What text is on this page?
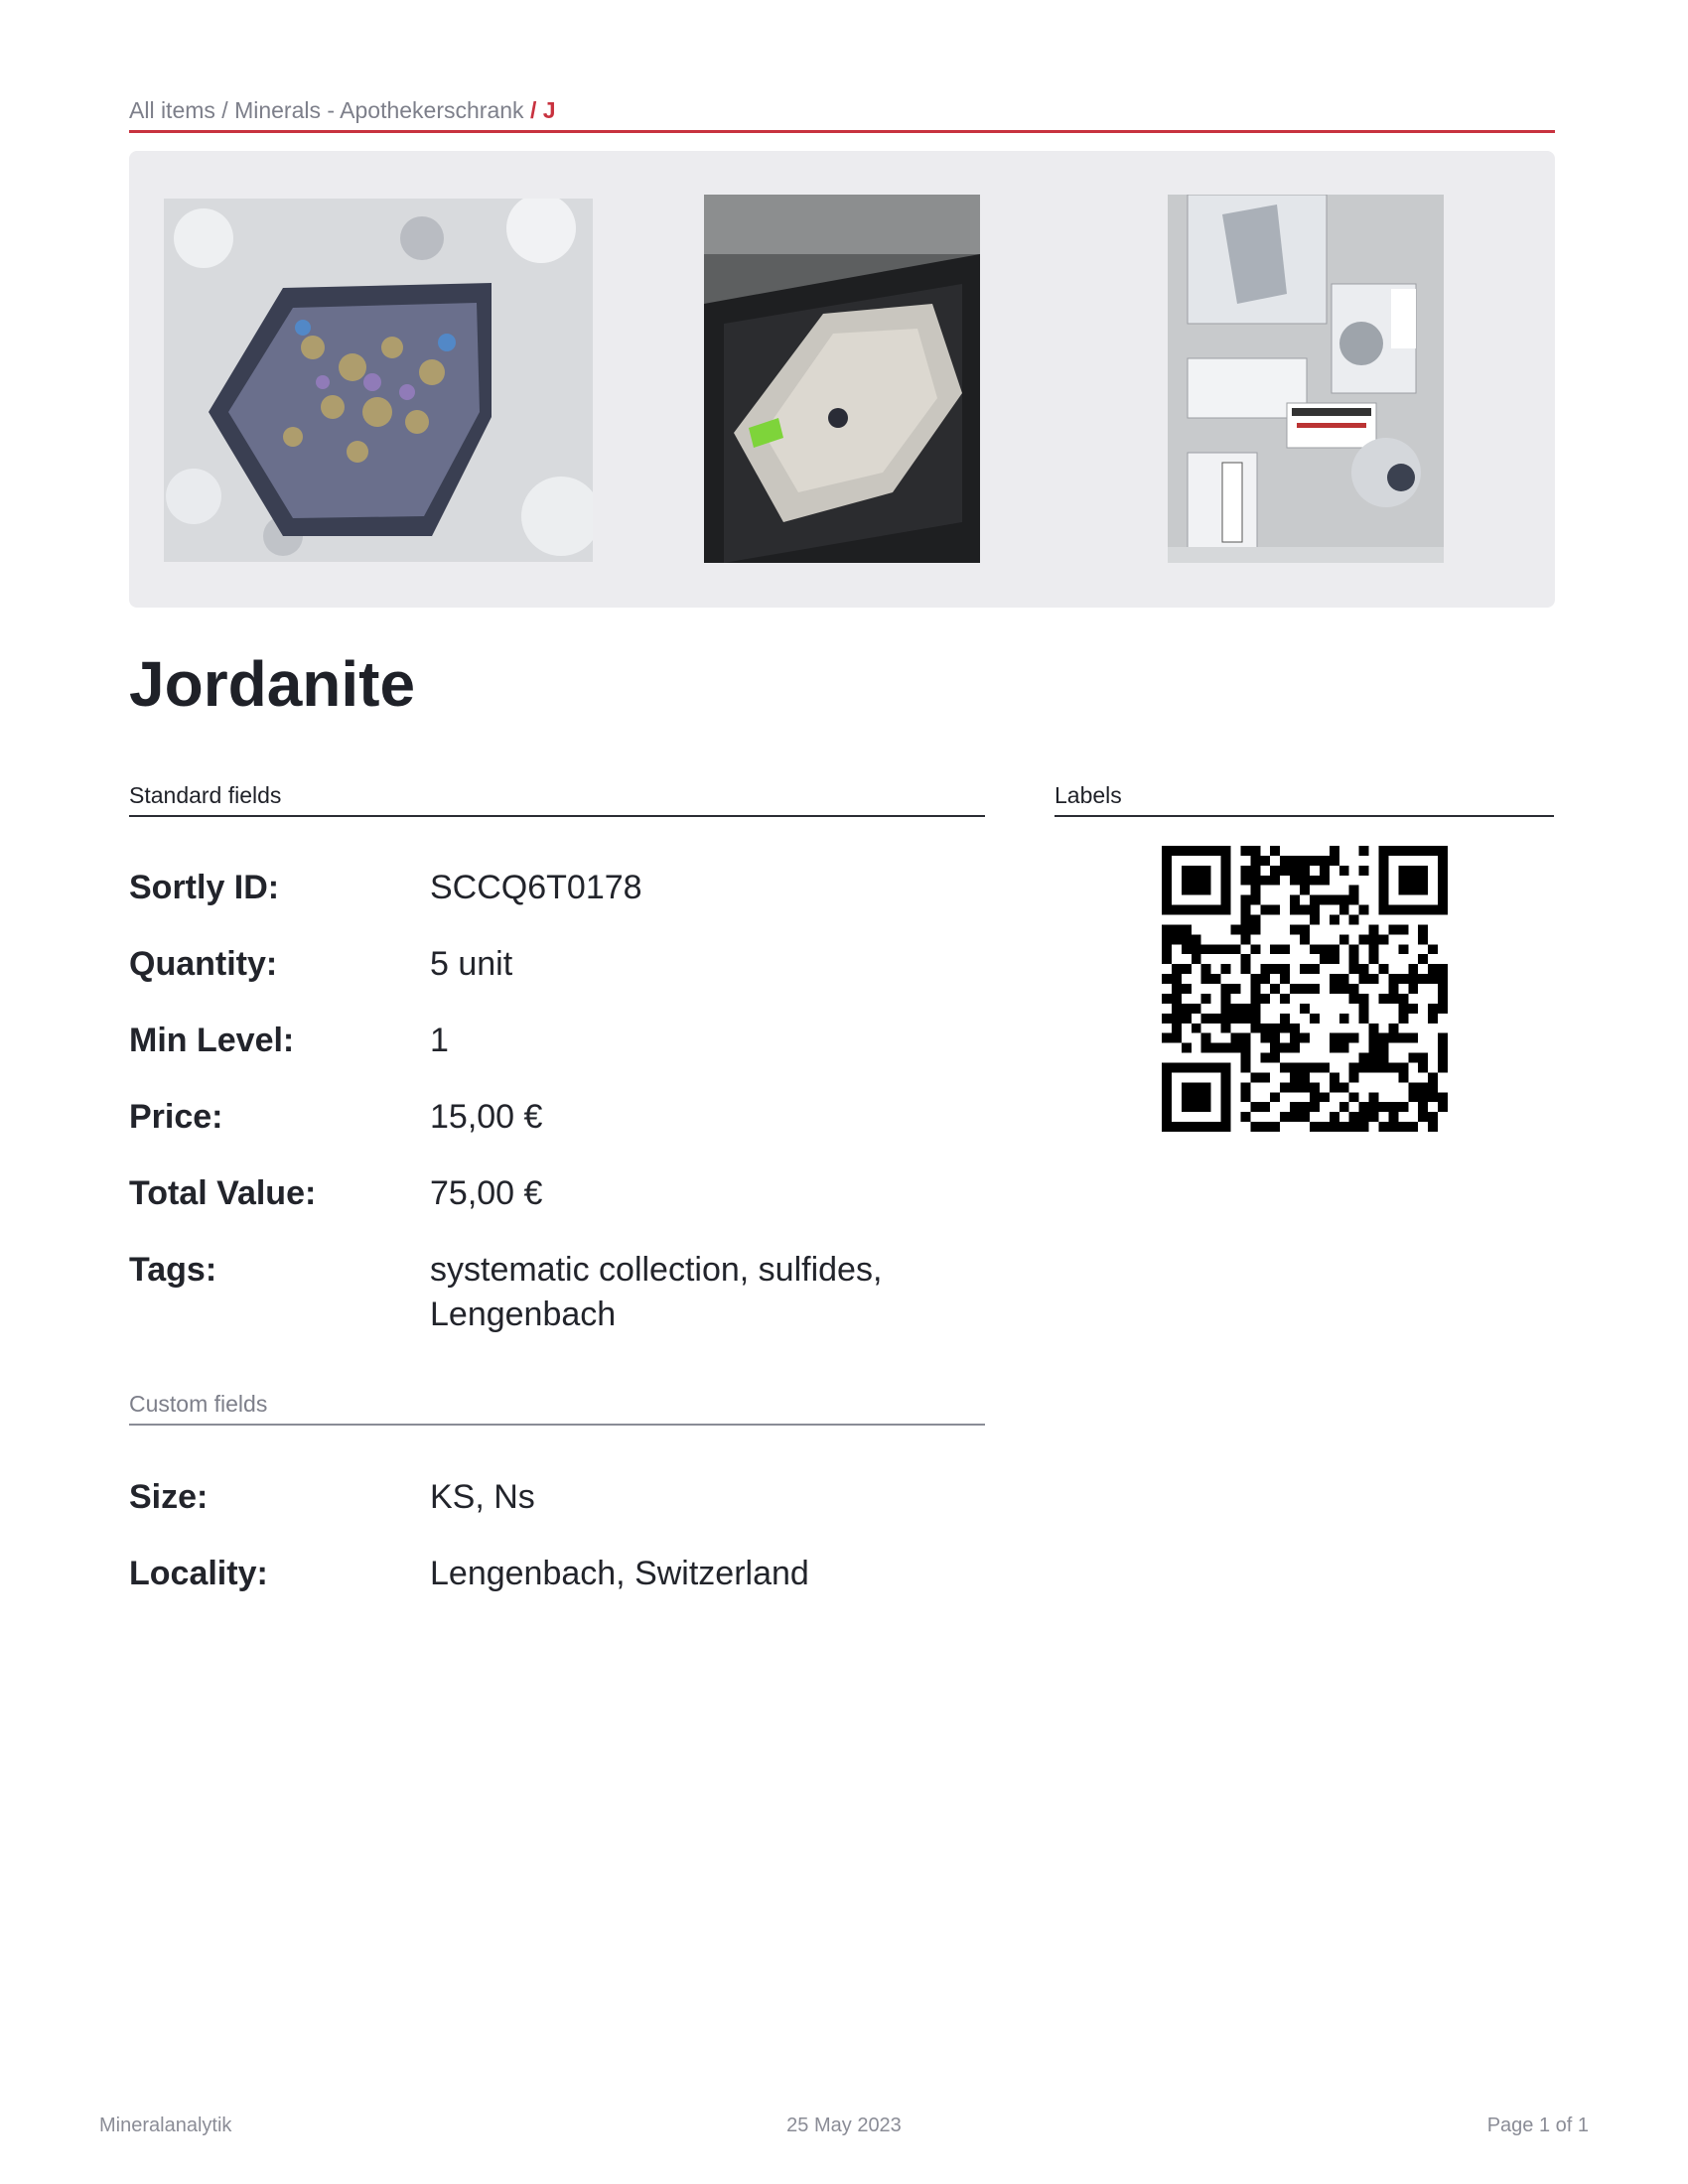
All items / Minerals - Apothekerschrank / J
Jordanite
Standard fields
Sortly ID:	SCCQ6T0178
Quantity:	5 unit
Min Level:	1
Price:	15,00 €
Total Value:	75,00 €
Tags:	systematic collection, sulfides, Lengenbach
Custom fields
Size:	KS, Ns
Locality:	Lengenbach, Switzerland
Labels
Mineralanalytik	25 May 2023	Page 1 of 1
